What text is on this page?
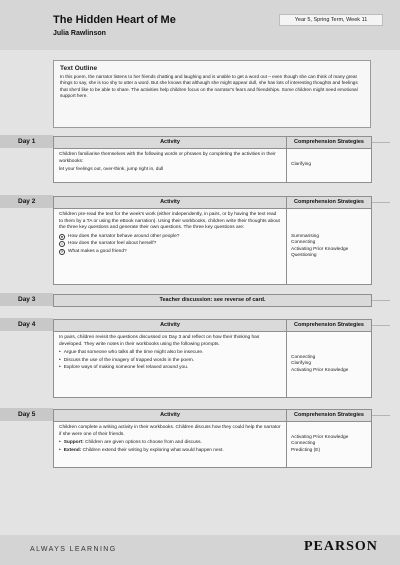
The Hidden Heart of Me
Julia Rawlinson
Year 5, Spring Term, Week 11
Text Outline

In this poem, the narrator listens to her friends chatting and laughing and is unable to get a word out – even though she can think of many great things to say, she is too shy to utter a word. But she knows that although she might appear dull, she has lots of interesting thoughts and feelings that she'd like to be able to share. The activities help children focus on the narrator's fears and friendships. Some children might need emotional support here.

Day 1	Activity	Comprehension Strategies

Children familiarise themselves with the following words or phrases by completing the activities in their workbooks:

let your feelings out, over-think, jump right in, dull

Clarifying
Day 2	Activity	Comprehension Strategies

Children pre-read the text for the week's work (either independently, in pairs, or by having the text read to them by a TA or using the eBook narration). Using their workbooks, children write their thoughts about the three key questions and generate their own questions. The three key questions are:

● How does the narrator behave around other people?
○ How does the narrator feel about herself?
? What makes a good friend?
Summarising
Connecting
Activating Prior Knowledge
Questioning
Day 3	Teacher discussion: see reverse of card.
Day 4	Activity	Comprehension Strategies

In pairs, children revisit the questions discussed on Day 3 and reflect on how their thinking has developed. They write notes in their workbooks using the following prompts.

• Argue that someone who talks all the time might also be insecure.
• Discuss the use of the imagery of trapped words in the poem.
• Explore ways of making someone feel relaxed around you.
Connecting
Clarifying
Activating Prior Knowledge
Day 5	Activity	Comprehension Strategies

Children complete a writing activity in their workbooks. Children discuss how they could help the narrator if she were one of their friends.

• Support: Children are given options to choose from and discuss.
• Extend: Children extend their writing by exploring what would happen next.
Activating Prior Knowledge
Connecting
Predicting (E)
ALWAYS LEARNING	PEARSON
